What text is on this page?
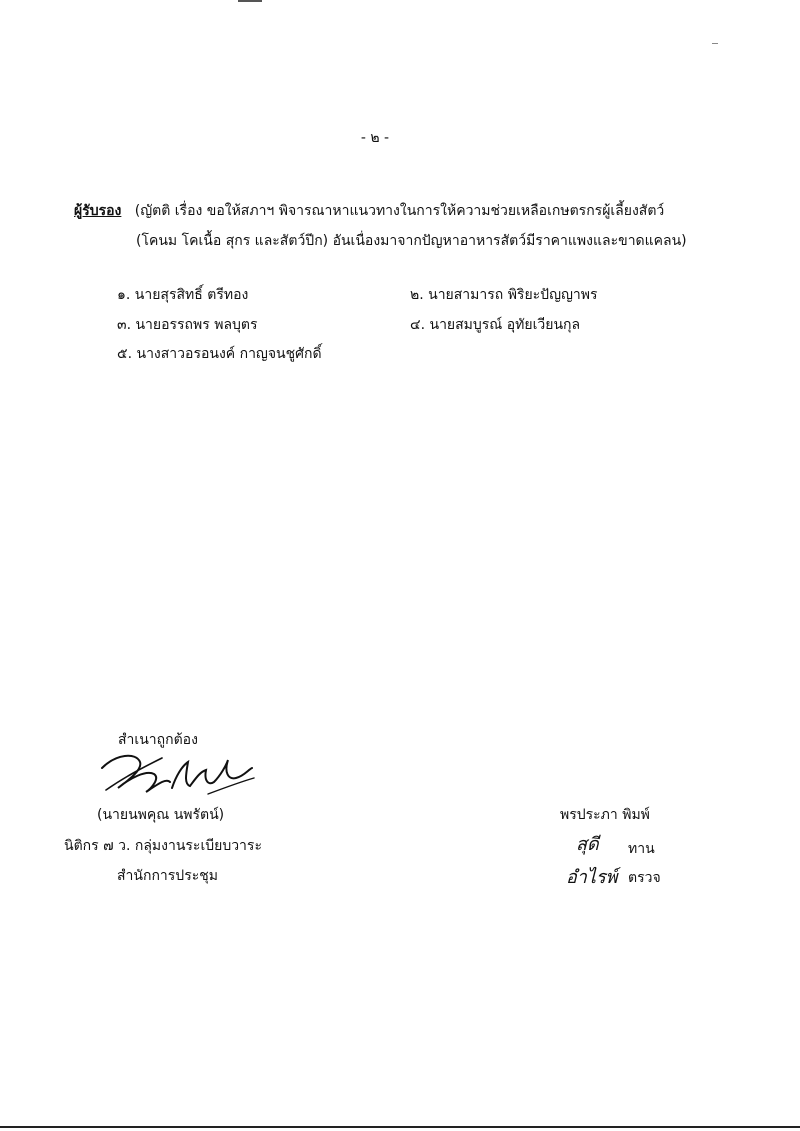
- ๒ -
ผู้รับรอง (ญัตติ เรื่อง ขอให้สภาฯ พิจารณาหาแนวทางในการให้ความช่วยเหลือเกษตรกรผู้เลี้ยงสัตว์
(โคนม โคเนื้อ สุกร และสัตว์ปีก) อันเนื่องมาจากปัญหาอาหารสัตว์มีราคาแพงและขาดแคลน)
๑. นายสุรสิทธิ์ ตรีทอง	๒. นายสามารถ พิริยะปัญญาพร
๓. นายอรรถพร พลบุตร	๔. นายสมบูรณ์ อุทัยเวียนกุล
๕. นางสาวอรอนงค์ กาญจนชูศักดิ์
สำเนาถูกต้อง
(นายนพคุณ นพรัตน์)
นิติกร ๗ ว. กลุ่มงานระเบียบวาระ
สำนักการประชุม
พรประภา พิมพ์
สุดี ทาน
อำไรพ์ ตรวจ
